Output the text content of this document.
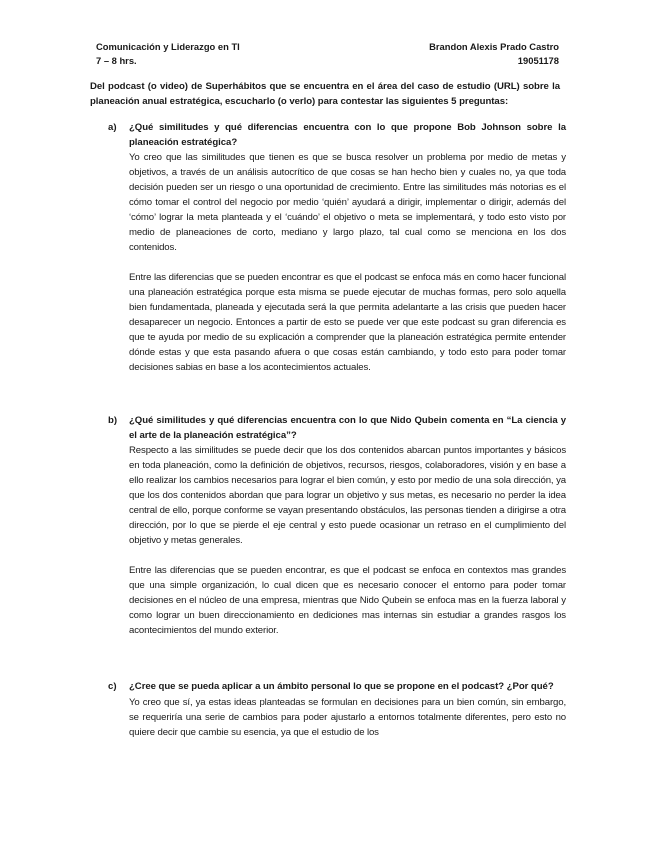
Comunicación y Liderazgo en TI
7 – 8 hrs.
Brandon Alexis Prado Castro
19051178
Del podcast (o video) de Superhábitos que se encuentra en el área del caso de estudio (URL) sobre la planeación anual estratégica, escucharlo (o verlo) para contestar las siguientes 5 preguntas:
a) ¿Qué similitudes y qué diferencias encuentra con lo que propone Bob Johnson sobre la planeación estratégica?

Yo creo que las similitudes que tienen es que se busca resolver un problema por medio de metas y objetivos, a través de un análisis autocrítico de que cosas se han hecho bien y cuales no, ya que toda decisión pueden ser un riesgo o una oportunidad de crecimiento. Entre las similitudes más notorias es el cómo tomar el control del negocio por medio ‘quién’ ayudará a dirigir, implementar o dirigir, además del ‘cómo’ lograr la meta planteada y el ‘cuándo’ el objetivo o meta se implementará, y todo esto visto por medio de planeaciones de corto, mediano y largo plazo, tal cual como se menciona en los dos contenidos.

Entre las diferencias que se pueden encontrar es que el podcast se enfoca más en como hacer funcional una planeación estratégica porque esta misma se puede ejecutar de muchas formas, pero solo aquella bien fundamentada, planeada y ejecutada será la que permita adelantarte a las crisis que pueden hacer desaparecer un negocio. Entonces a partir de esto se puede ver que este podcast su gran diferencia es que te ayuda por medio de su explicación a comprender que la planeación estratégica permite entender dónde estas y que esta pasando afuera o que cosas están cambiando, y todo esto para poder tomar decisiones sabias en base a los acontecimientos actuales.

b) ¿Qué similitudes y qué diferencias encuentra con lo que Nido Qubein comenta en “La ciencia y el arte de la planeación estratégica”?

Respecto a las similitudes se puede decir que los dos contenidos abarcan puntos importantes y básicos en toda planeación, como la definición de objetivos, recursos, riesgos, colaboradores, visión y en base a ello realizar los cambios necesarios para lograr el bien común, y esto por medio de una sola dirección, ya que los dos contenidos abordan que para lograr un objetivo y sus metas, es necesario no perder la idea central de ello, porque conforme se vayan presentando obstáculos, las personas tienden a dirigirse a otra dirección, por lo que se pierde el eje central y esto puede ocasionar un retraso en el cumplimiento del objetivo y metas generales.

Entre las diferencias que se pueden encontrar, es que el podcast se enfoca en contextos mas grandes que una simple organización, lo cual dicen que es necesario conocer el entorno para poder tomar decisiones en el núcleo de una empresa, mientras que Nido Qubein se enfoca mas en la fuerza laboral y como lograr un buen direccionamiento en dediciones mas internas sin estudiar a grandes rasgos los acontecimientos del mundo exterior.

c) ¿Cree que se pueda aplicar a un ámbito personal lo que se propone en el podcast? ¿Por qué?

Yo creo que sí, ya estas ideas planteadas se formulan en decisiones para un bien común, sin embargo, se requeriría una serie de cambios para poder ajustarlo a entornos totalmente diferentes, pero esto no quiere decir que cambie su esencia, ya que el estudio de los
